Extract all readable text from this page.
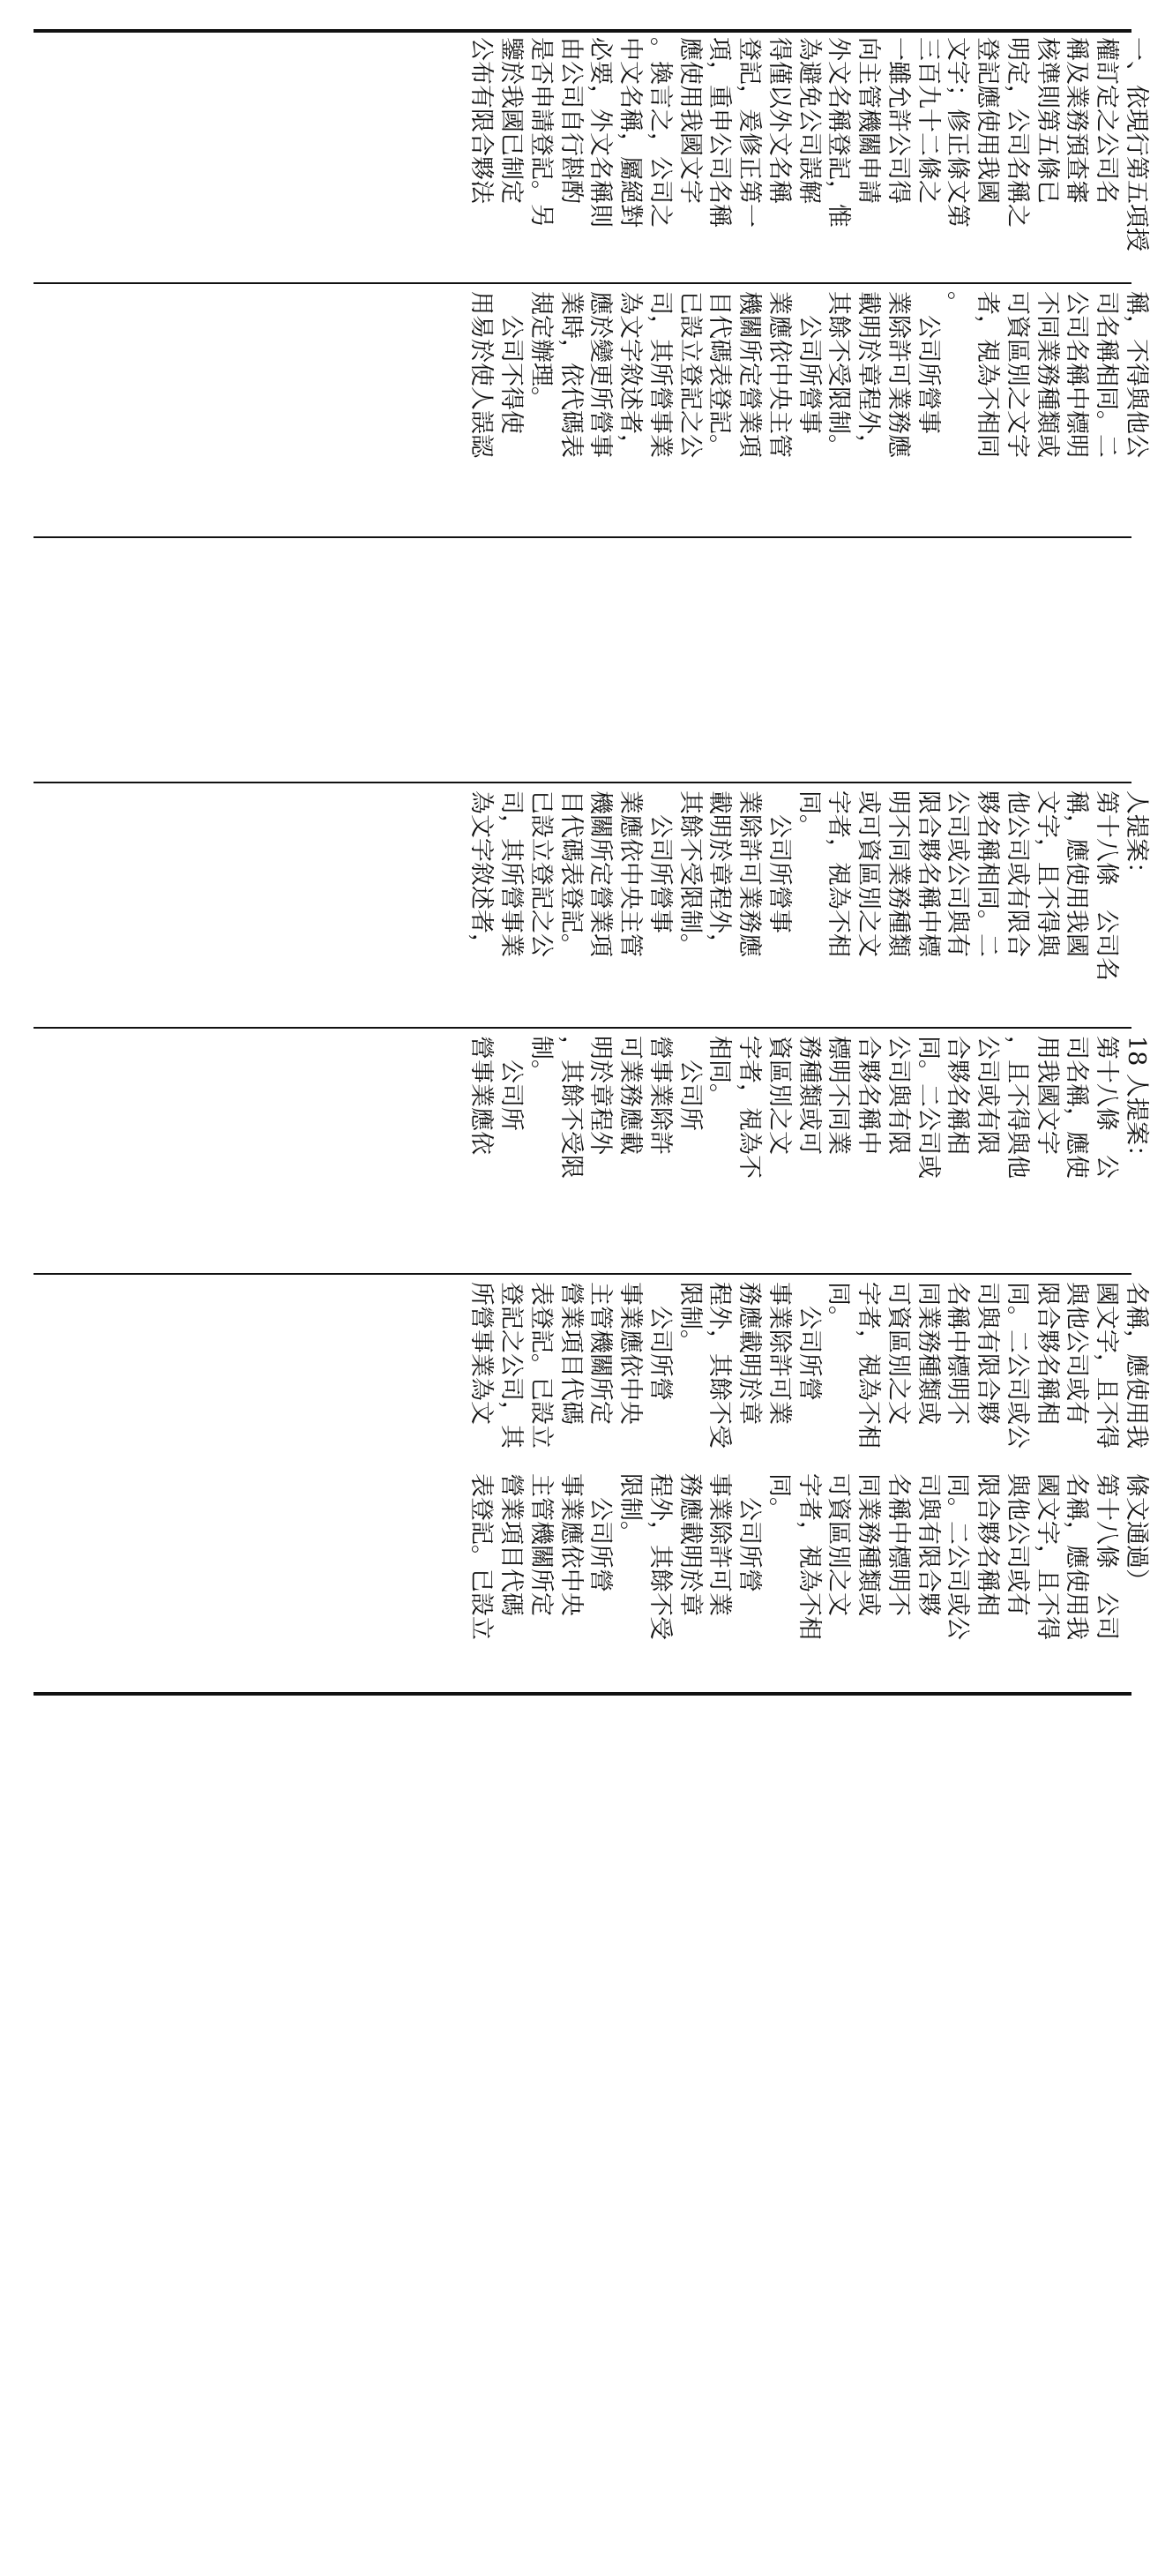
一、依現行第五項授
權訂定之公司名
稱及業務預查審
核準則第五條已
明定，公司名稱之
登記應使用我國
文字；修正條文第
三百九十二條之
一雖允許公司得
向主管機關申請
外文名稱登記，惟
為避免公司誤解
得僅以外文名稱
登記，爰修正第一
項，重申公司名稱
應使用我國文字
。換言之，公司之
中文名稱，屬絕對
必要，外文名稱則
由公司自行斟酌
是否申請登記。另
鑒於我國已制定
公布有限合夥法
稱，不得與他公
司名稱相同。二
公司名稱中標明
不同業務種類或
可資區別之文字
者，視為不相同
。
　公司所營事
業除許可業務應
載明於章程外，
其餘不受限制。
　公司所營事
業應依中央主管
機關所定營業項
目代碼表登記。
已設立登記之公
司，其所營事業
為文字敘述者，
應於變更所營事
業時，依代碼表
規定辦理。
　公司不得使
用易於使人誤認
人提案：
第十八條　公司名
稱，應使用我國
文字，且不得與
他公司或有限合
夥名稱相同。二
公司或公司與有
限合夥名稱中標
明不同業務種類
或可資區別之文
字者，視為不相
同。
　公司所營事
業除許可業務應
載明於章程外，
其餘不受限制。
　公司所營事
業應依中央主管
機關所定營業項
目代碼表登記。
已設立登記之公
司，其所營事業
為文字敘述者，
18 人提案：
第十八條　公
司名稱，應使
用我國文字
，且不得與他
公司或有限
合夥名稱相
同。二公司或
公司與有限
合夥名稱中
標明不同業
務種類或可
資區別之文
字者，視為不
相同。
　公司所
營事業除許
可業務應載
明於章程外
，其餘不受限
制。
　公司所
營事業應依
名稱，應使用我
國文字，且不得
與他公司或有
限合夥名稱相
同。二公司或公
司與有限合夥
名稱中標明不
同業務種類或
可資區別之文
字者，視為不相
同。
　公司所營
事業除許可業
務應載明於章
程外，其餘不受
限制。
　公司所營
事業應依中央
主管機關所定
營業項目代碼
表登記。已設立
登記之公司，其
所營事業為文
條文通過）
第十八條　公司
名稱，應使用我
國文字，且不得
與他公司或有
限合夥名稱相
同。二公司或公
司與有限合夥
名稱中標明不
同業務種類或
可資區別之文
字者，視為不相
同。
　公司所營
事業除許可業
務應載明於章
程外，其餘不受
限制。
　公司所營
事業應依中央
主管機關所定
營業項目代碼
表登記。已設立
